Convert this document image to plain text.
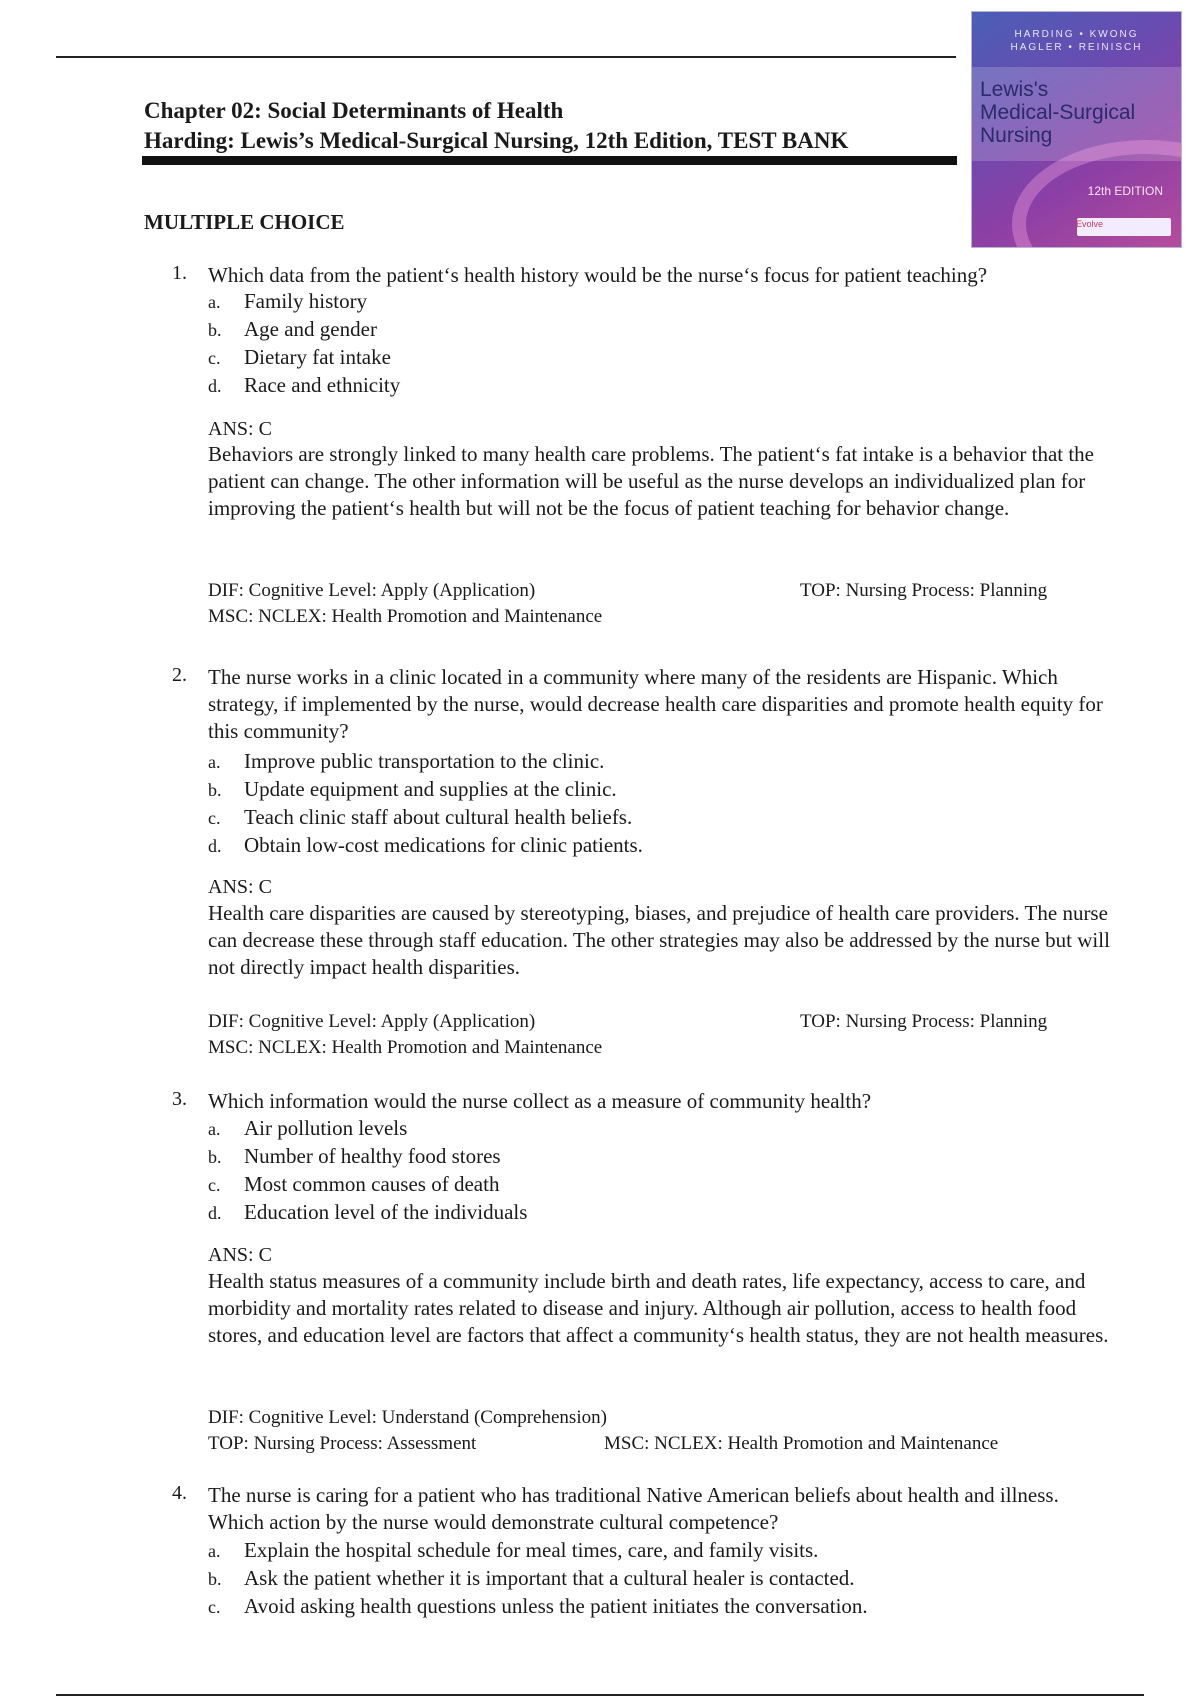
Chapter 02: Social Determinants of Health
Harding: Lewis’s Medical-Surgical Nursing, 12th Edition, TEST BANK
MULTIPLE CHOICE
HARDING • KWONG
HAGLER • REINISCH
Lewis's
Medical-Surgical
Nursing
12th EDITION
Evolve
1. Which data from the patient‘s health history would be the nurse‘s focus for patient teaching?
a. Family history
b. Age and gender
c. Dietary fat intake
d. Race and ethnicity
ANS: C
Behaviors are strongly linked to many health care problems. The patient‘s fat intake is a behavior that the patient can change. The other information will be useful as the nurse develops an individualized plan for improving the patient‘s health but will not be the focus of patient teaching for behavior change.
DIF: Cognitive Level: Apply (Application)	TOP: Nursing Process: Planning
MSC: NCLEX: Health Promotion and Maintenance
2. The nurse works in a clinic located in a community where many of the residents are Hispanic. Which strategy, if implemented by the nurse, would decrease health care disparities and promote health equity for this community?
a. Improve public transportation to the clinic.
b. Update equipment and supplies at the clinic.
c. Teach clinic staff about cultural health beliefs.
d. Obtain low-cost medications for clinic patients.
ANS: C
Health care disparities are caused by stereotyping, biases, and prejudice of health care providers. The nurse can decrease these through staff education. The other strategies may also be addressed by the nurse but will not directly impact health disparities.
DIF: Cognitive Level: Apply (Application)	TOP: Nursing Process: Planning
MSC: NCLEX: Health Promotion and Maintenance
3. Which information would the nurse collect as a measure of community health?
a. Air pollution levels
b. Number of healthy food stores
c. Most common causes of death
d. Education level of the individuals
ANS: C
Health status measures of a community include birth and death rates, life expectancy, access to care, and morbidity and mortality rates related to disease and injury. Although air pollution, access to health food stores, and education level are factors that affect a community‘s health status, they are not health measures.
DIF: Cognitive Level: Understand (Comprehension)
TOP: Nursing Process: Assessment	MSC: NCLEX: Health Promotion and Maintenance
4. The nurse is caring for a patient who has traditional Native American beliefs about health and illness. Which action by the nurse would demonstrate cultural competence?
a. Explain the hospital schedule for meal times, care, and family visits.
b. Ask the patient whether it is important that a cultural healer is contacted.
c. Avoid asking health questions unless the patient initiates the conversation.
